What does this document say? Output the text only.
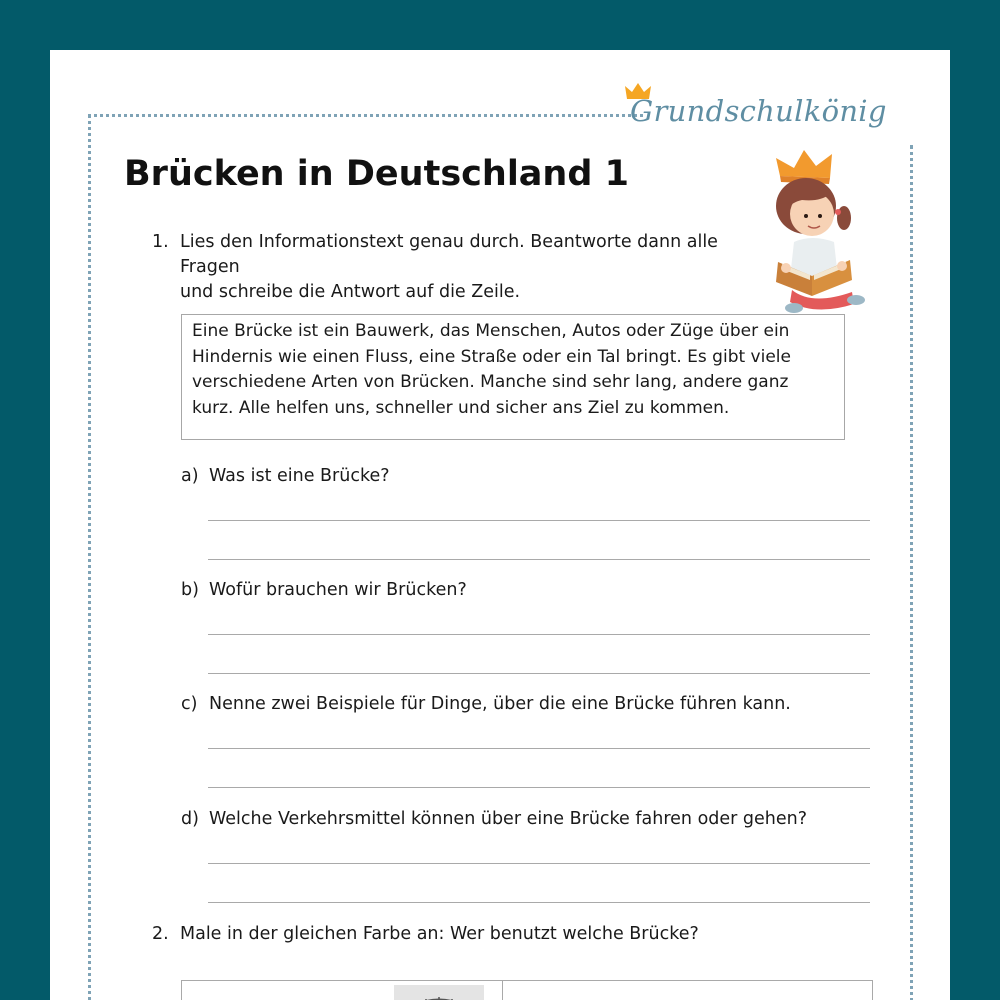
Grundschulkönig
Brücken in Deutschland 1
1. Lies den Informationstext genau durch. Beantworte dann alle Fragen
und schreibe die Antwort auf die Zeile.
Eine Brücke ist ein Bauwerk, das Menschen, Autos oder Züge über ein
Hindernis wie einen Fluss, eine Straße oder ein Tal bringt. Es gibt viele
verschiedene Arten von Brücken. Manche sind sehr lang, andere ganz
kurz. Alle helfen uns, schneller und sicher ans Ziel zu kommen.
a) Was ist eine Brücke?
b) Wofür brauchen wir Brücken?
c) Nenne zwei Beispiele für Dinge, über die eine Brücke führen kann.
d) Welche Verkehrsmittel können über eine Brücke fahren oder gehen?
2. Male in der gleichen Farbe an: Wer benutzt welche Brücke?
